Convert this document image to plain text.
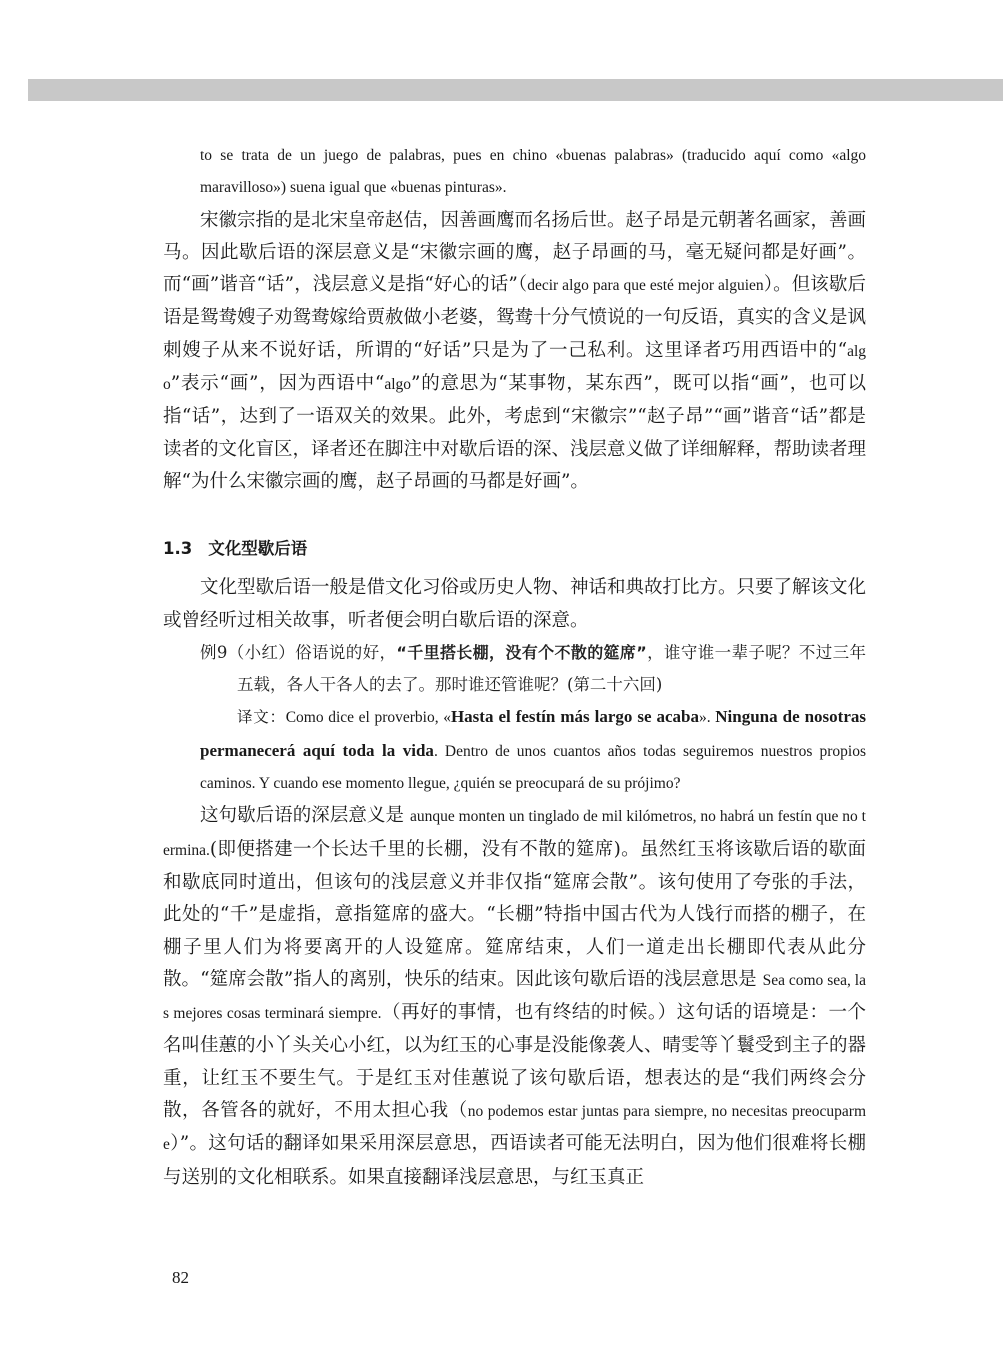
to se trata de un juego de palabras, pues en chino «buenas palabras» (traducido aquí como «algo maravilloso») suena igual que «buenas pinturas».

宋徽宗指的是北宋皇帝赵佶，因善画鹰而名扬后世。赵子昂是元朝著名画家，善画马。因此歇后语的深层意义是“宋徽宗画的鹰，赵子昂画的马，毫无疑问都是好画”。而“画”谐音“话”，浅层意义是指“好心的话”（decir algo para que esté mejor alguien）。但该歇后语是鸳鸯嫂子劝鸳鸯嫁给贾赦做小老婆，鸳鸯十分气愤说的一句反语，真实的含义是讽刺嫂子从来不说好话，所谓的“好话”只是为了一己私利。这里译者巧用西语中的“algo”表示“画”，因为西语中“algo”的意思为“某事物，某东西”，既可以指“画”，也可以指“话”，达到了一语双关的效果。此外，考虑到“宋徽宗”“赵子昂”“画”谐音“话”都是读者的文化盲区，译者还在脚注中对歇后语的深、浅层意义做了详细解释，帮助读者理解“为什么宋徽宗画的鹰，赵子昂画的马都是好画”。

1.3 文化型歇后语

文化型歇后语一般是借文化习俗或历史人物、神话和典故打比方。只要了解该文化或曾经听过相关故事，听者便会明白歇后语的深意。

例9（小红）俗语说的好，“千里搭长棚，没有个不散的筵席”，谁守谁一辈子呢？不过三年五载，各人干各人的去了。那时谁还管谁呢？(第二十六回)

译文：Como dice el proverbio, «Hasta el festín más largo se acaba». Ninguna de nosotras permanecerá aquí toda la vida. Dentro de unos cuantos años todas seguiremos nuestros propios caminos. Y cuando ese momento llegue, ¿quién se preocupará de su prójimo?

这句歇后语的深层意义是 aunque monten un tinglado de mil kilómetros, no habrá un festín que no termina.(即便搭建一个长达千里的长棚，没有不散的筵席)。虽然红玉将该歇后语的歇面和歇底同时道出，但该句的浅层意义并非仅指“筵席会散”。该句使用了夸张的手法，此处的“千”是虚指，意指筵席的盛大。“长棚”特指中国古代为人饯行而搭的棚子，在棚子里人们为将要离开的人设筵席。筵席结束，人们一道走出长棚即代表从此分散。“筵席会散”指人的离别，快乐的结束。因此该句歇后语的浅层意思是 Sea como sea, las mejores cosas terminará siempre.（再好的事情，也有终结的时候。）这句话的语境是：一个名叫佳蕙的小丫头关心小红，以为红玉的心事是没能像袭人、晴雯等丫鬟受到主子的器重，让红玉不要生气。于是红玉对佳蕙说了该句歇后语，想表达的是“我们两终会分散，各管各的就好，不用太担心我（no podemos estar juntas para siempre, no necesitas preocuparme）”。这句话的翻译如果采用深层意思，西语读者可能无法明白，因为他们很难将长棚与送别的文化相联系。如果直接翻译浅层意思，与红玉真正

82
